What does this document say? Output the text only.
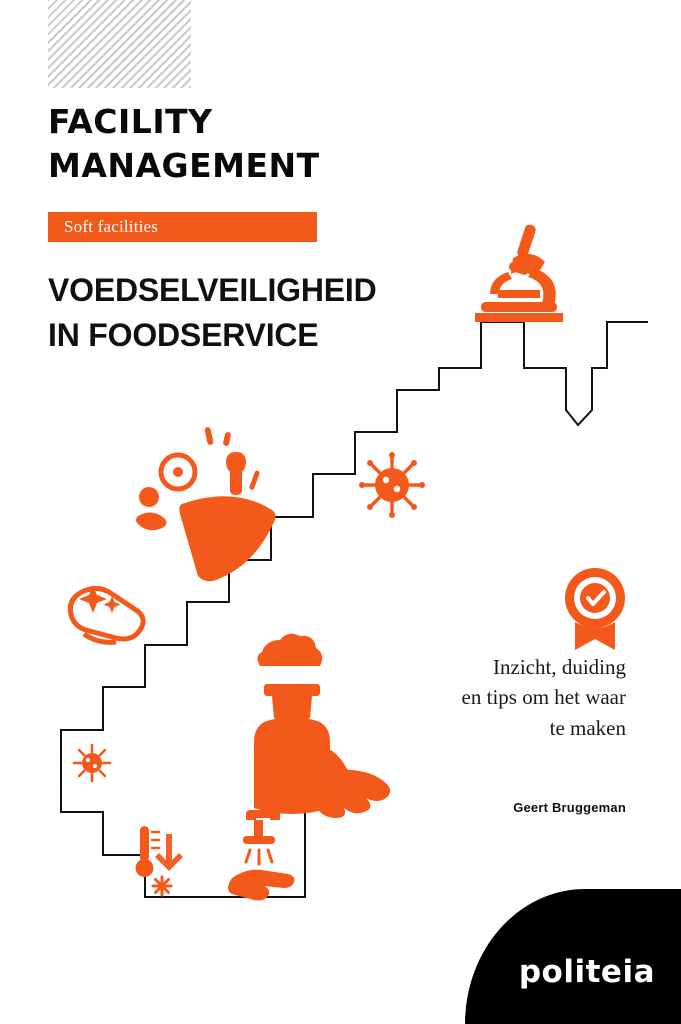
FACILITY
MANAGEMENT
Soft facilities
VOEDSELVEILIGHEID
IN FOODSERVICE
Inzicht, duiding
en tips om het waar
te maken
Geert Bruggeman
politeia
